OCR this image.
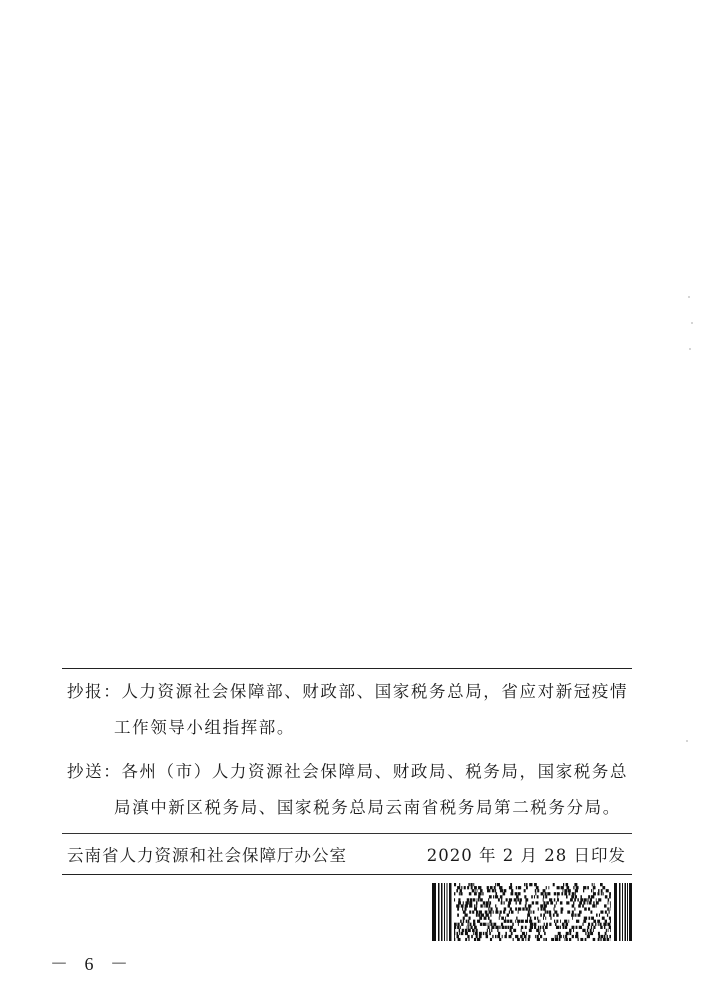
抄报：人力资源社会保障部、财政部、国家税务总局，省应对新冠疫情
工作领导小组指挥部。
抄送：各州（市）人力资源社会保障局、财政局、税务局，国家税务总
局滇中新区税务局、国家税务总局云南省税务局第二税务分局。
云南省人力资源和社会保障厅办公室	2020 年 2 月 28 日印发
－ 6 －
